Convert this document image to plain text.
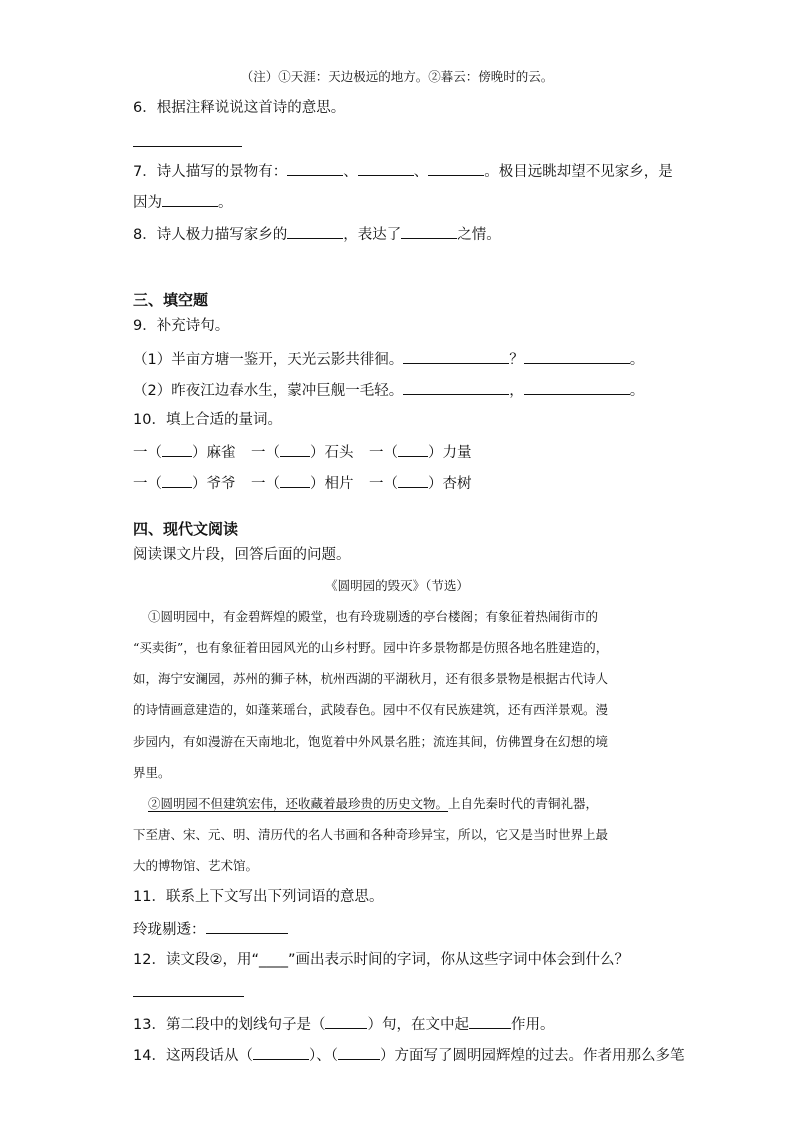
（注）①天涯：天边极远的地方。②暮云：傍晚时的云。
6．根据注释说说这首诗的意思。
7．诗人描写的景物有：	、	、	。极目远眺却望不见家乡，是
因为	。
8．诗人极力描写家乡的	，表达了	之情。
三、填空题
9．补充诗句。
（1）半亩方塘一鉴开，天光云影共徘徊。	？	。
（2）昨夜江边春水生，蒙冲巨舰一毛轻。	，	。
10．填上合适的量词。
一（ ）麻雀 一（ ）石头 一（ ）力量
一（ ）爷爷 一（ ）相片 一（ ）杏树
四、现代文阅读
阅读课文片段，回答后面的问题。
《圆明园的毁灭》（节选）
①圆明园中，有金碧辉煌的殿堂，也有玲珑剔透的亭台楼阁；有象征着热闹街市的
“买卖街”，也有象征着田园风光的山乡村野。园中许多景物都是仿照各地名胜建造的，
如，海宁安澜园，苏州的狮子林，杭州西湖的平湖秋月，还有很多景物是根据古代诗人
的诗情画意建造的，如蓬莱瑶台，武陵春色。园中不仅有民族建筑，还有西洋景观。漫
步园内，有如漫游在天南地北，饱览着中外风景名胜；流连其间，仿佛置身在幻想的境
界里。
②圆明园不但建筑宏伟，还收藏着最珍贵的历史文物。上自先秦时代的青铜礼器，
下至唐、宋、元、明、清历代的名人书画和各种奇珍异宝，所以，它又是当时世界上最
大的博物馆、艺术馆。
11．联系上下文写出下列词语的意思。
玲珑剔透：
12．读文段②，用“____”画出表示时间的字词，你从这些字词中体会到什么？
13．第二段中的划线句子是（	）句，在文中起	作用。
14．这两段话从（	）、（	）方面写了圆明园辉煌的过去。作者用那么多笔
